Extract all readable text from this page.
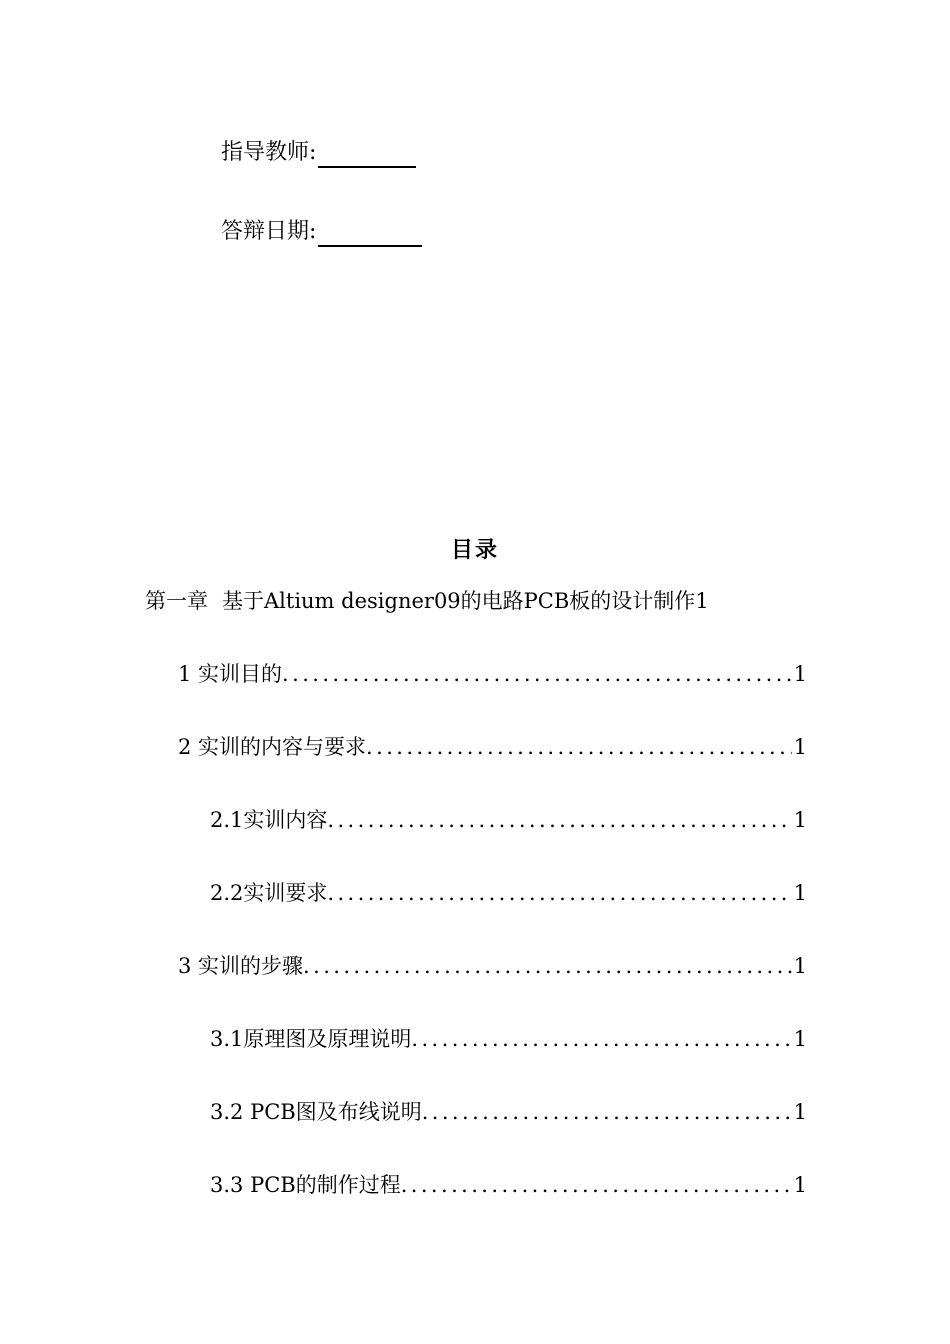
指导教师:
答辩日期:
目录
第一章 基于Altium designer09的电路PCB板的设计制作 1
1 实训目的 .....	1
2 实训的内容与要求 .....	1
2.1实训内容 .....	1
2.2实训要求 .....	1
3 实训的步骤 .....	1
3.1原理图及原理说明 .....	1
3.2 PCB图及布线说明 .....	1
3.3 PCB的制作过程 .....	1
